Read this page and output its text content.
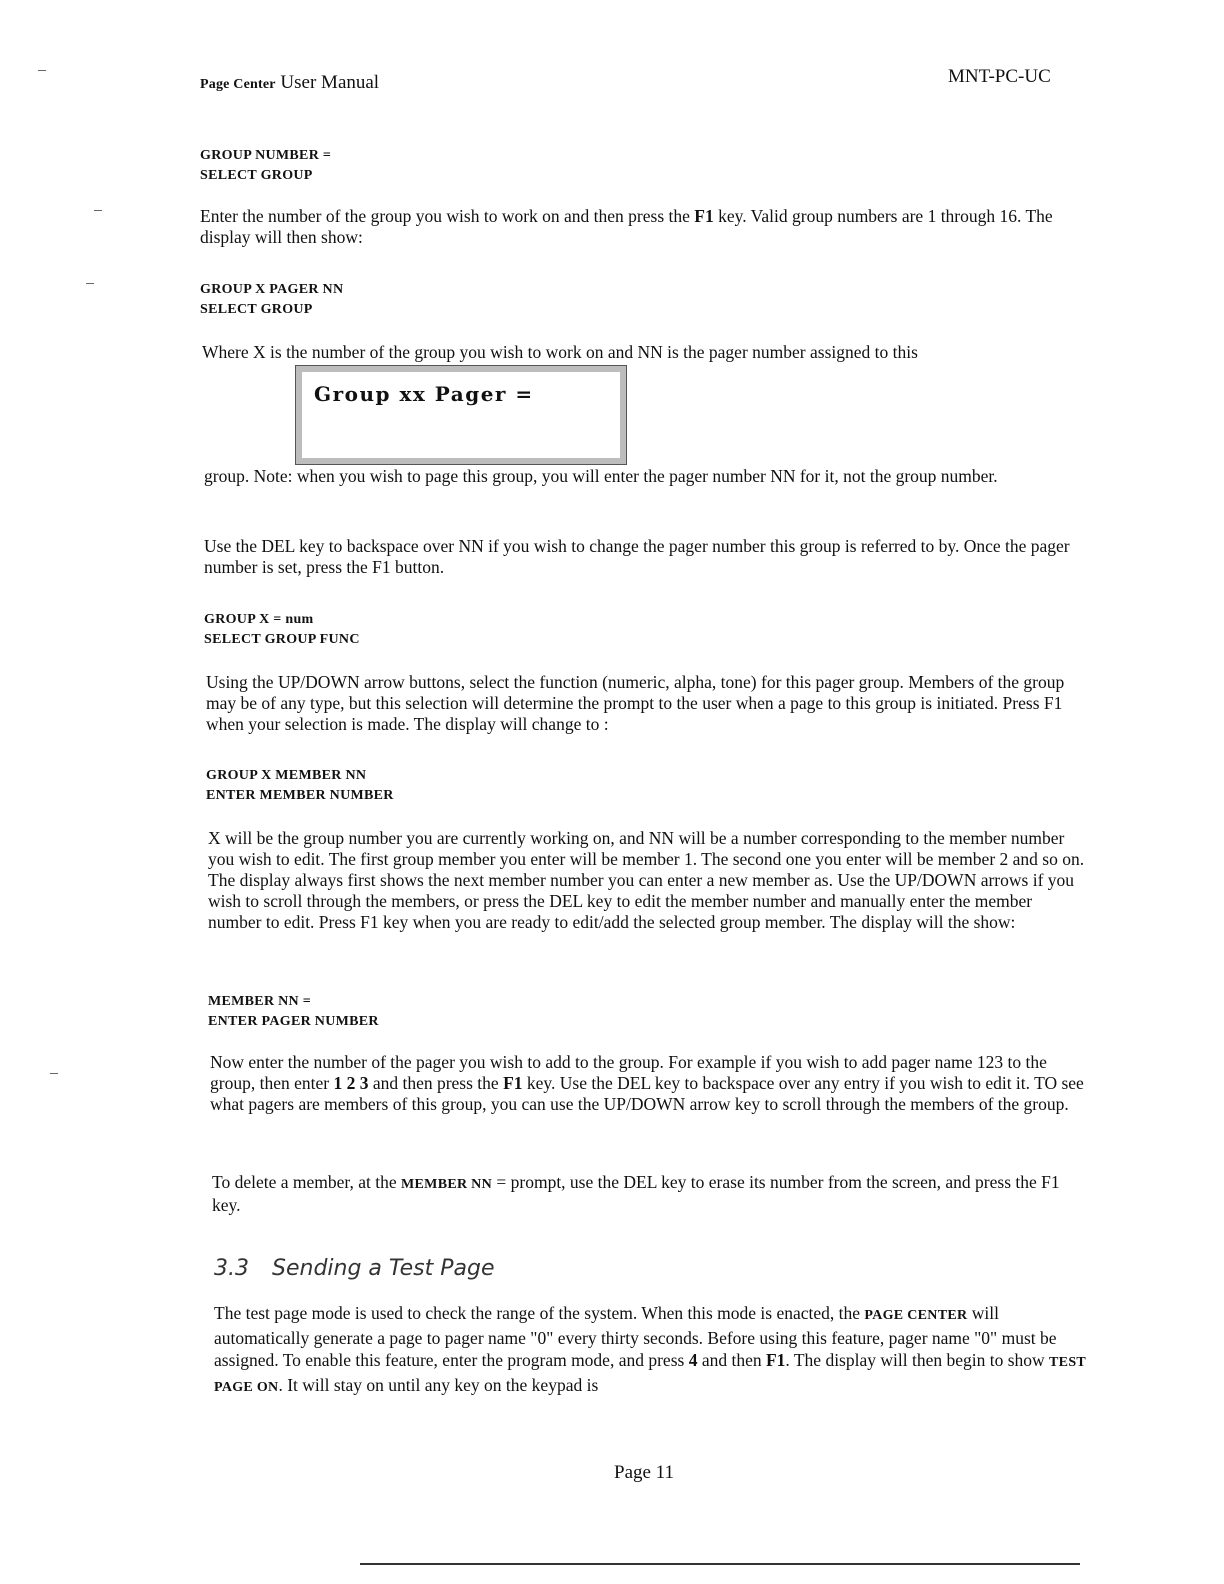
Page Center User Manual	MNT-PC-UC
GROUP NUMBER =
SELECT GROUP
Enter the number of the group you wish to work on and then press the F1 key. Valid group numbers are 1 through 16. The display will then show:
GROUP X PAGER NN
SELECT GROUP
Where X is the number of the group you wish to work on and NN is the pager number assigned to this
Group xx Pager =
group. Note: when you wish to page this group, you will enter the pager number NN for it, not the group number.
Use the DEL key to backspace over NN if you wish to change the pager number this group is referred to by. Once the pager number is set, press the F1 button.
GROUP X = num
SELECT GROUP FUNC
Using the UP/DOWN arrow buttons, select the function (numeric, alpha, tone) for this pager group. Members of the group may be of any type, but this selection will determine the prompt to the user when a page to this group is initiated. Press F1 when your selection is made. The display will change to :
GROUP X MEMBER NN
ENTER MEMBER NUMBER
X will be the group number you are currently working on, and NN will be a number corresponding to the member number you wish to edit. The first group member you enter will be member 1. The second one you enter will be member 2 and so on. The display always first shows the next member number you can enter a new member as. Use the UP/DOWN arrows if you wish to scroll through the members, or press the DEL key to edit the member number and manually enter the member number to edit. Press F1 key when you are ready to edit/add the selected group member. The display will the show:
MEMBER NN =
ENTER PAGER NUMBER
Now enter the number of the pager you wish to add to the group. For example if you wish to add pager name 123 to the group, then enter 1 2 3 and then press the F1 key. Use the DEL key to backspace over any entry if you wish to edit it. TO see what pagers are members of this group, you can use the UP/DOWN arrow key to scroll through the members of the group.
To delete a member, at the MEMBER NN = prompt, use the DEL key to erase its number from the screen, and press the F1 key.
3.3 Sending a Test Page
The test page mode is used to check the range of the system. When this mode is enacted, the PAGE CENTER will automatically generate a page to pager name "0" every thirty seconds. Before using this feature, pager name "0" must be assigned. To enable this feature, enter the program mode, and press 4 and then F1. The display will then begin to show TEST PAGE ON. It will stay on until any key on the keypad is
Page 11
